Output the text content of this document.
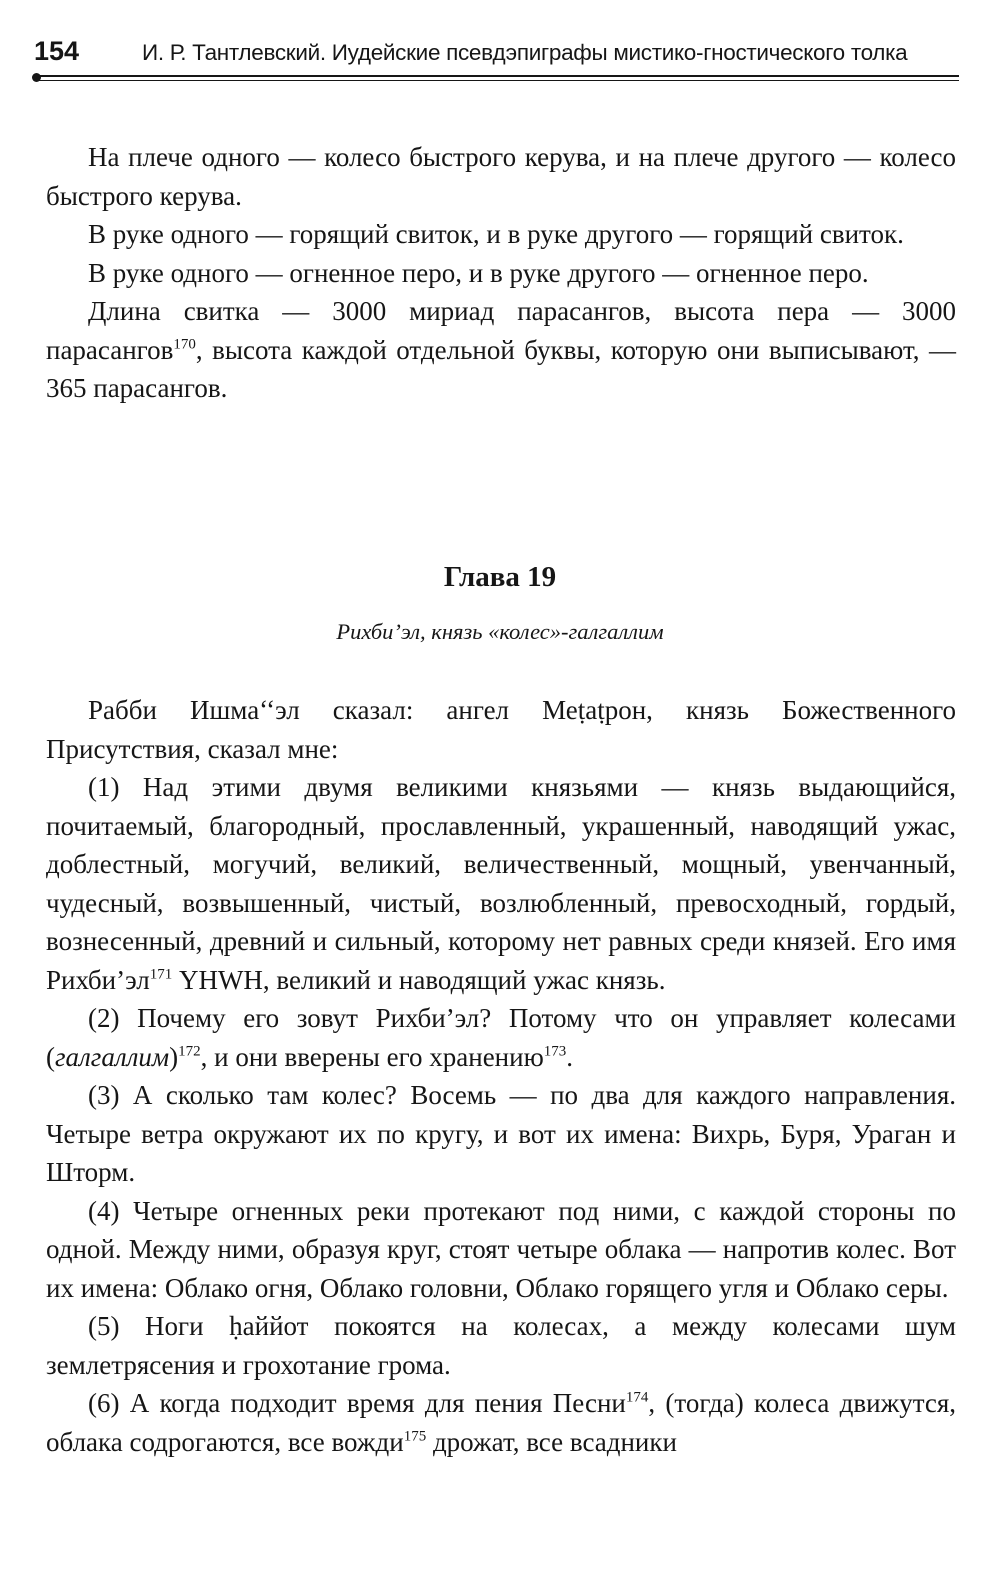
154	И. Р. Тантлевский. Иудейские псевдэпиграфы мистико-гностического толка

На плече одного — колесо быстрого керува, и на плече другого — колесо быстрого керува.

В руке одного — горящий свиток, и в руке другого — горящий свиток.

В руке одного — огненное перо, и в руке другого — огненное перо.

Длина свитка — 3000 мириад парасангов, высота пера — 3000 парасангов$^{170}$, высота каждой отдельной буквы, которую они выписывают, — 365 парасангов.

Глава 19
Рихби’эл, князь «колес»-галгаллим

Рабби Ишма‘‘эл сказал: ангел Меṭаṭрон, князь Божественного Присутствия, сказал мне:

(1) Над этими двумя великими князьями — князь выдающийся, почитаемый, благородный, прославленный, украшенный, наводящий ужас, доблестный, могучий, великий, величественный, мощный, увенчанный, чудесный, возвышенный, чистый, возлюбленный, превосходный, гордый, вознесенный, древний и сильный, которому нет равных среди князей. Его имя $Рихби’эл^{171}$ YHWH, великий и наводящий ужас князь.

(2) Почему его зовут Рихби’эл? Потому что он управляет колесами (галгаллим)$^{172}$, и они вверены его хранению$^{173}$.

(3) А сколько там колес? Восемь — по два для каждого направления. Четыре ветра окружают их по кругу, и вот их имена: Вихрь, Буря, Ураган и Шторм.

(4) Четыре огненных реки протекают под ними, с каждой стороны по одной. Между ними, образуя круг, стоят четыре облака — напротив колес. Вот их имена: Облако огня, Облако головни, Облако горящего угля и Облако серы.

(5) Ноги ḥаййот покоятся на колесах, а между колесами шум землетрясения и грохотание грома.

(6) А когда подходит время для пения Песни$^{174}$, (тогда) колеса движутся, облака содрогаются, все вожди$^{175}$ дрожат, все всадники
